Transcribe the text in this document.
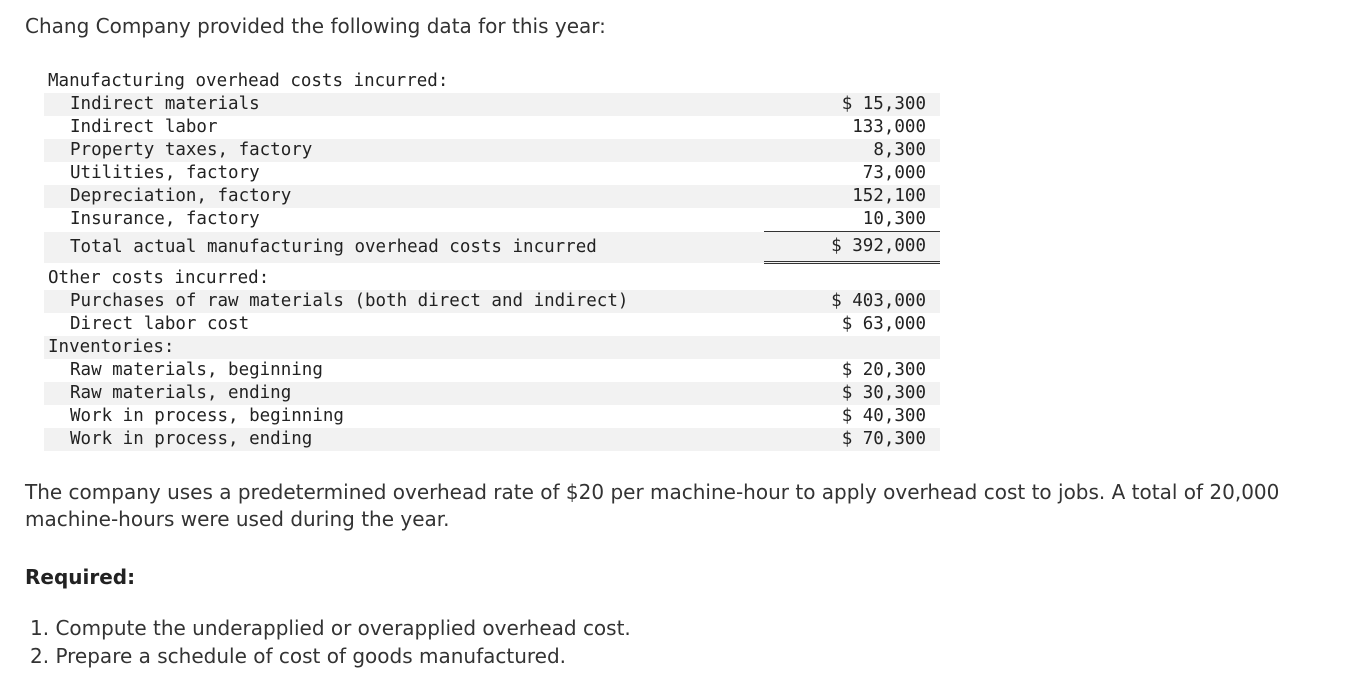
Chang Company provided the following data for this year:

Manufacturing overhead costs incurred:	
Indirect materials	$ 15,300
Indirect labor	133,000
Property taxes, factory	8,300
Utilities, factory	73,000
Depreciation, factory	152,100
Insurance, factory	10,300
Total actual manufacturing overhead costs incurred	$ 392,000
Other costs incurred:	
Purchases of raw materials (both direct and indirect)	$ 403,000
Direct labor cost	$ 63,000
Inventories:	
Raw materials, beginning	$ 20,300
Raw materials, ending	$ 30,300
Work in process, beginning	$ 40,300
Work in process, ending	$ 70,300

The company uses a predetermined overhead rate of $20 per machine-hour to apply overhead cost to jobs. A total of 20,000 machine-hours were used during the year.

Required:

1. Compute the underapplied or overapplied overhead cost.
2. Prepare a schedule of cost of goods manufactured.
